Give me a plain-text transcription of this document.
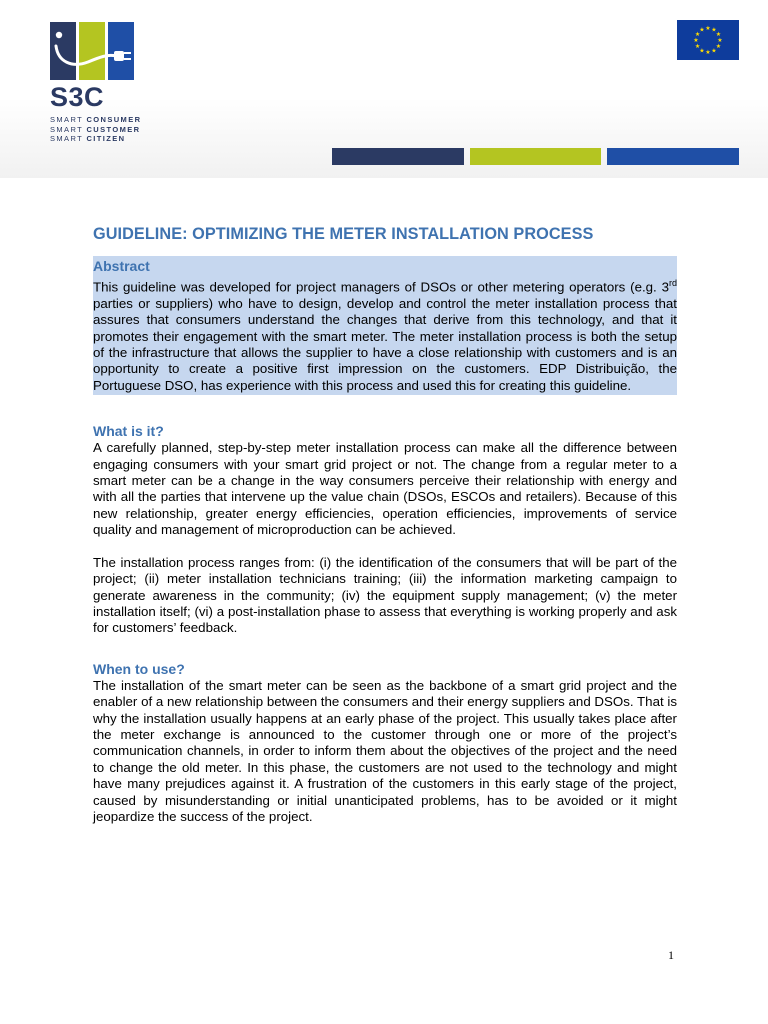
S3C
SMART CONSUMER
SMART CUSTOMER
SMART CITIZEN
★ ★
★
★
★
★
★
★
★
★
★
★
GUIDELINE: OPTIMIZING THE METER INSTALLATION PROCESS
Abstract

This guideline was developed for project managers of DSOs or other metering operators (e.g. 3rd parties or suppliers) who have to design, develop and control the meter installation process that assures that consumers understand the changes that derive from this technology, and that it promotes their engagement with the smart meter. The meter installation process is both the setup of the infrastructure that allows the supplier to have a close relationship with customers and is an opportunity to create a positive first impression on the customers. EDP Distribuição, the Portuguese DSO, has experience with this process and used this for creating this guideline.

What is it?

A carefully planned, step-by-step meter installation process can make all the difference between engaging consumers with your smart grid project or not. The change from a regular meter to a smart meter can be a change in the way consumers perceive their relationship with energy and with all the parties that intervene up the value chain (DSOs, ESCOs and retailers). Because of this new relationship, greater energy efficiencies, operation efficiencies, improvements of service quality and management of microproduction can be achieved.

The installation process ranges from: (i) the identification of the consumers that will be part of the project; (ii) meter installation technicians training; (iii) the information marketing campaign to generate awareness in the community; (iv) the equipment supply management; (v) the meter installation itself; (vi) a post-installation phase to assess that everything is working properly and ask for customers’ feedback.

When to use?

The installation of the smart meter can be seen as the backbone of a smart grid project and the enabler of a new relationship between the consumers and their energy suppliers and DSOs. That is why the installation usually happens at an early phase of the project. This usually takes place after the meter exchange is announced to the customer through one or more of the project’s communication channels, in order to inform them about the objectives of the project and the need to change the old meter. In this phase, the customers are not used to the technology and might have many prejudices against it. A frustration of the customers in this early stage of the project, caused by misunderstanding or initial unanticipated problems, has to be avoided or it might jeopardize the success of the project.

1
